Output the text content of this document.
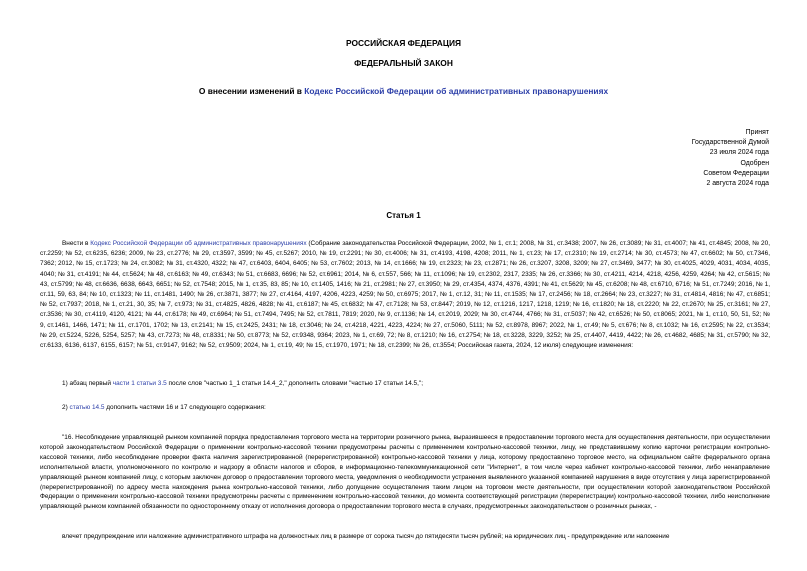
РОССИЙСКАЯ ФЕДЕРАЦИЯ
ФЕДЕРАЛЬНЫЙ ЗАКОН
О внесении изменений в Кодекс Российской Федерации об административных правонарушениях
Принят
Государственной Думой
23 июля 2024 года
Одобрен
Советом Федерации
2 августа 2024 года
Статья 1
Внести в Кодекс Российской Федерации об административных правонарушениях (Собрание законодательства Российской Федерации, 2002, № 1, ст.1; 2008, № 31, ст.3438; 2007, № 26, ст.3089; № 31, ст.4007; № 41, ст.4845; 2008, № 20, ст.2259; № 52, ст.6235, 6236; 2009, № 23, ст.2776; № 29, ст.3597, 3599; № 45, ст.5267; 2010, № 19, ст.2291; № 30, ст.4006; № 31, ст.4193, 4198, 4208; 2011, № 1, ст.23; № 17, ст.2310; № 19, ст.2714; № 30, ст.4573; № 47, ст.6602; № 50, ст.7346, 7362; 2012, № 15, ст.1723; № 24, ст.3082; № 31, ст.4320, 4322; № 47, ст.6403, 6404, 6405; № 53, ст.7602; 2013, № 14, ст.1666; № 19, ст.2323; № 23, ст.2871; № 26, ст.3207, 3208, 3209; № 27, ст.3469, 3477; № 30, ст.4025, 4029, 4031, 4034, 4035, 4040; № 31, ст.4191; № 44, ст.5624; № 48, ст.6163; № 49, ст.6343; № 51, ст.6683, 6696; № 52, ст.6961; 2014, № 6, ст.557, 566; № 11, ст.1096; № 19, ст.2302, 2317, 2335; № 26, ст.3366; № 30, ст.4211, 4214, 4218, 4256, 4259, 4264; № 42, ст.5615; № 43, ст.5799; № 48, ст.6636, 6638, 6643, 6651; № 52, ст.7548; 2015, № 1, ст.35, 83, 85; № 10, ст.1405, 1416; № 21, ст.2981; № 27, ст.3950; № 29, ст.4354, 4374, 4376, 4391; № 41, ст.5629; № 45, ст.6208; № 48, ст.6710, 6716; № 51, ст.7249; 2016, № 1, ст.11, 59, 63, 84; № 10, ст.1323; № 11, ст.1481, 1490; № 26, ст.3871, 3877; № 27, ст.4164, 4197, 4206, 4223, 4259; № 50, ст.6975; 2017, № 1, ст.12, 31; № 11, ст.1535; № 17, ст.2456; № 18, ст.2664; № 23, ст.3227; № 31, ст.4814, 4816; № 47, ст.6851; № 52, ст.7937; 2018, № 1, ст.21, 30, 35; № 7, ст.973; № 31, ст.4825, 4826, 4828; № 41, ст.6187; № 45, ст.6832; № 47, ст.7128; № 53, ст.8447; 2019, № 12, ст.1216, 1217, 1218, 1219; № 16, ст.1820; № 18, ст.2220; № 22, ст.2670; № 25, ст.3161; № 27, ст.3536; № 30, ст.4119, 4120, 4121; № 44, ст.6178; № 49, ст.6964; № 51, ст.7494, 7495; № 52, ст.7811, 7819; 2020, № 9, ст.1136; № 14, ст.2019, 2029; № 30, ст.4744, 4766; № 31, ст.5037; № 42, ст.6526; № 50, ст.8065; 2021, № 1, ст.10, 50, 51, 52; № 9, ст.1461, 1466, 1471; № 11, ст.1701, 1702; № 13, ст.2141; № 15, ст.2425, 2431; № 18, ст.3046; № 24, ст.4218, 4221, 4223, 4224; № 27, ст.5060, 5111; № 52, ст.8978, 8967; 2022, № 1, ст.49; № 5, ст.676; № 8, ст.1032; № 16, ст.2595; № 22, ст.3534; № 29, ст.5224, 5226, 5254, 5257; № 43, ст.7273; № 48, ст.8331; № 50, ст.8773; № 52, ст.9348, 9364; 2023, № 1, ст.69, 72; № 8, ст.1210; № 16, ст.2754; № 18, ст.3228, 3229, 3252; № 25, ст.4407, 4419, 4422; № 26, ст.4682, 4685; № 31, ст.5790; № 32, ст.6133, 6136, 6137, 6155, 6157; № 51, ст.9147, 9162; № 52, ст.9509; 2024, № 1, ст.19, 49; № 15, ст.1970, 1971; № 18, ст.2399; № 26, ст.3554; Российская газета, 2024, 12 июля) следующие изменения:
1) абзац первый части 1 статьи 3.5 после слов "частью 1_1 статьи 14.4_2," дополнить словами "частью 17 статьи 14.5,";
2) статью 14.5 дополнить частями 16 и 17 следующего содержания:
"16. Несоблюдение управляющей рынком компанией порядка предоставления торгового места на территории розничного рынка, выразившееся в предоставлении торгового места для осуществления деятельности, при осуществлении которой законодательством Российской Федерации о применении контрольно-кассовой техники предусмотрены расчеты с применением контрольно-кассовой техники, лицу, не представившему копию карточки регистрации контрольно-кассовой техники, либо несоблюдение проверки факта наличия зарегистрированной (перерегистрированной) контрольно-кассовой техники у лица, которому предоставлено торговое место, на официальном сайте федерального органа исполнительной власти, уполномоченного по контролю и надзору в области налогов и сборов, в информационно-телекоммуникационной сети "Интернет", в том числе через кабинет контрольно-кассовой техники, либо ненаправление управляющей рынком компанией лицу, с которым заключен договор о предоставлении торгового места, уведомления о необходимости устранения выявленного указанной компанией нарушения в виде отсутствия у лица зарегистрированной (перерегистрированной) по адресу места нахождения рынка контрольно-кассовой техники, либо допущение осуществления таким лицом на торговом месте деятельности, при осуществлении которой законодательством Российской Федерации о применении контрольно-кассовой техники предусмотрены расчеты с применением контрольно-кассовой техники, до момента соответствующей регистрации (перерегистрации) контрольно-кассовой техники, либо неисполнение управляющей рынком компанией обязанности по одностороннему отказу от исполнения договора о предоставлении торгового места в случаях, предусмотренных законодательством о розничных рынках, -
влечет предупреждение или наложение административного штрафа на должностных лиц в размере от сорока тысяч до пятидесяти тысяч рублей; на юридических лиц - предупреждение или наложение
